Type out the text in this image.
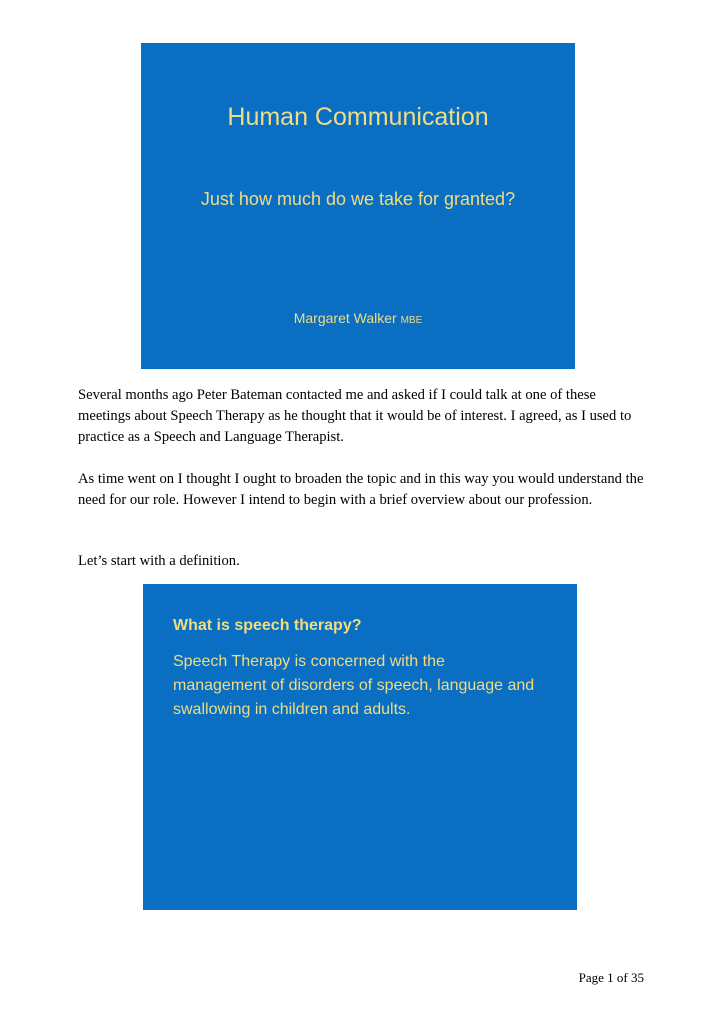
Human Communication
Just how much do we take for granted?
Margaret Walker MBE

Several months ago Peter Bateman contacted me and asked if I could talk at one of these meetings about Speech Therapy as he thought that it would be of interest. I agreed, as I used to practice as a Speech and Language Therapist.

As time went on I thought I ought to broaden the topic and in this way you would understand the need for our role. However I intend to begin with a brief overview about our profession.

Let’s start with a definition.

What is speech therapy?
Speech Therapy is concerned with the management of disorders of speech, language and swallowing in children and adults.
Page 1 of 35
